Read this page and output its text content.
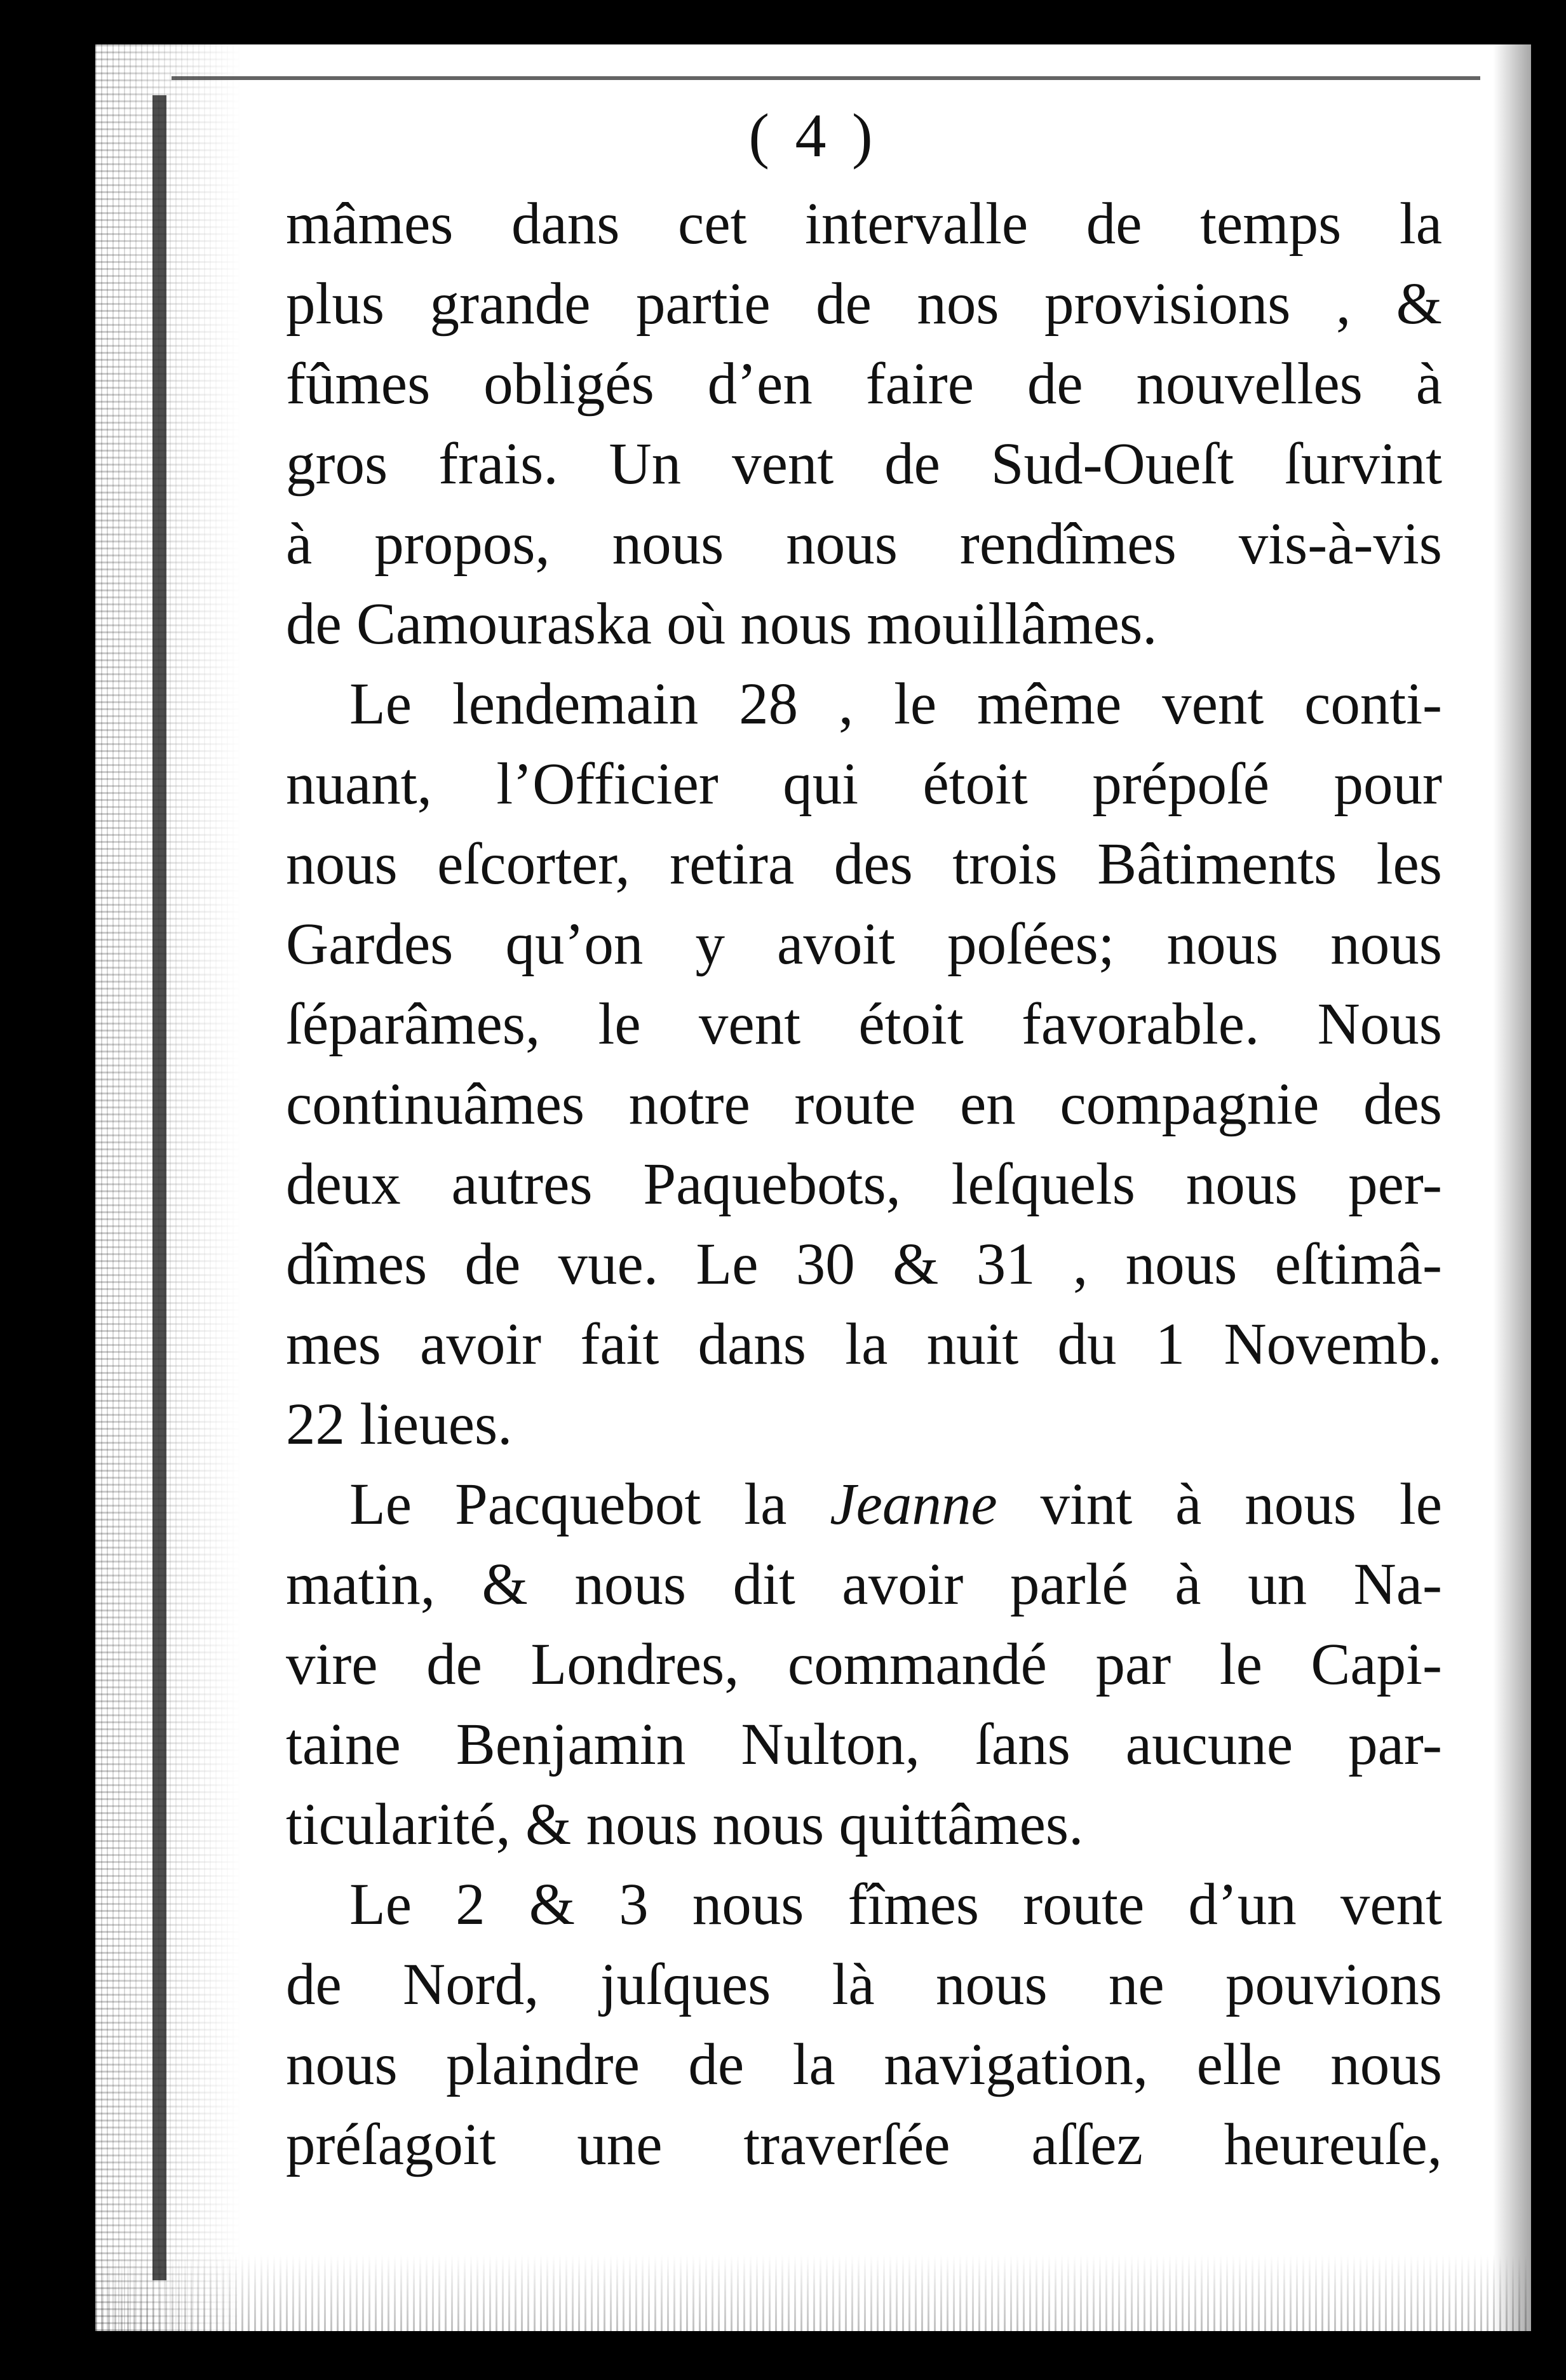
( 4 )
mâmes dans cet intervalle de temps la
plus grande partie de nos provisions , &
fûmes obligés d’en faire de nouvelles à
gros frais. Un vent de Sud-Oueſt ſurvint
à propos, nous nous rendîmes vis-à-vis
de Camouraska où nous mouillâmes.
Le lendemain 28 , le même vent conti-
nuant, l’Officier qui étoit prépoſé pour
nous eſcorter, retira des trois Bâtiments les
Gardes qu’on y avoit poſées; nous nous
ſéparâmes, le vent étoit favorable. Nous
continuâmes notre route en compagnie des
deux autres Paquebots, leſquels nous per-
dîmes de vue. Le 30 & 31 , nous eſtimâ-
mes avoir fait dans la nuit du 1 Novemb.
22 lieues.
Le Pacquebot la Jeanne vint à nous le
matin, & nous dit avoir parlé à un Na-
vire de Londres, commandé par le Capi-
taine Benjamin Nulton, ſans aucune par-
ticularité, & nous nous quittâmes.
Le 2 & 3 nous fîmes route d’un vent
de Nord, juſques là nous ne pouvions
nous plaindre de la navigation, elle nous
préſagoit une traverſée aſſez heureuſe,
